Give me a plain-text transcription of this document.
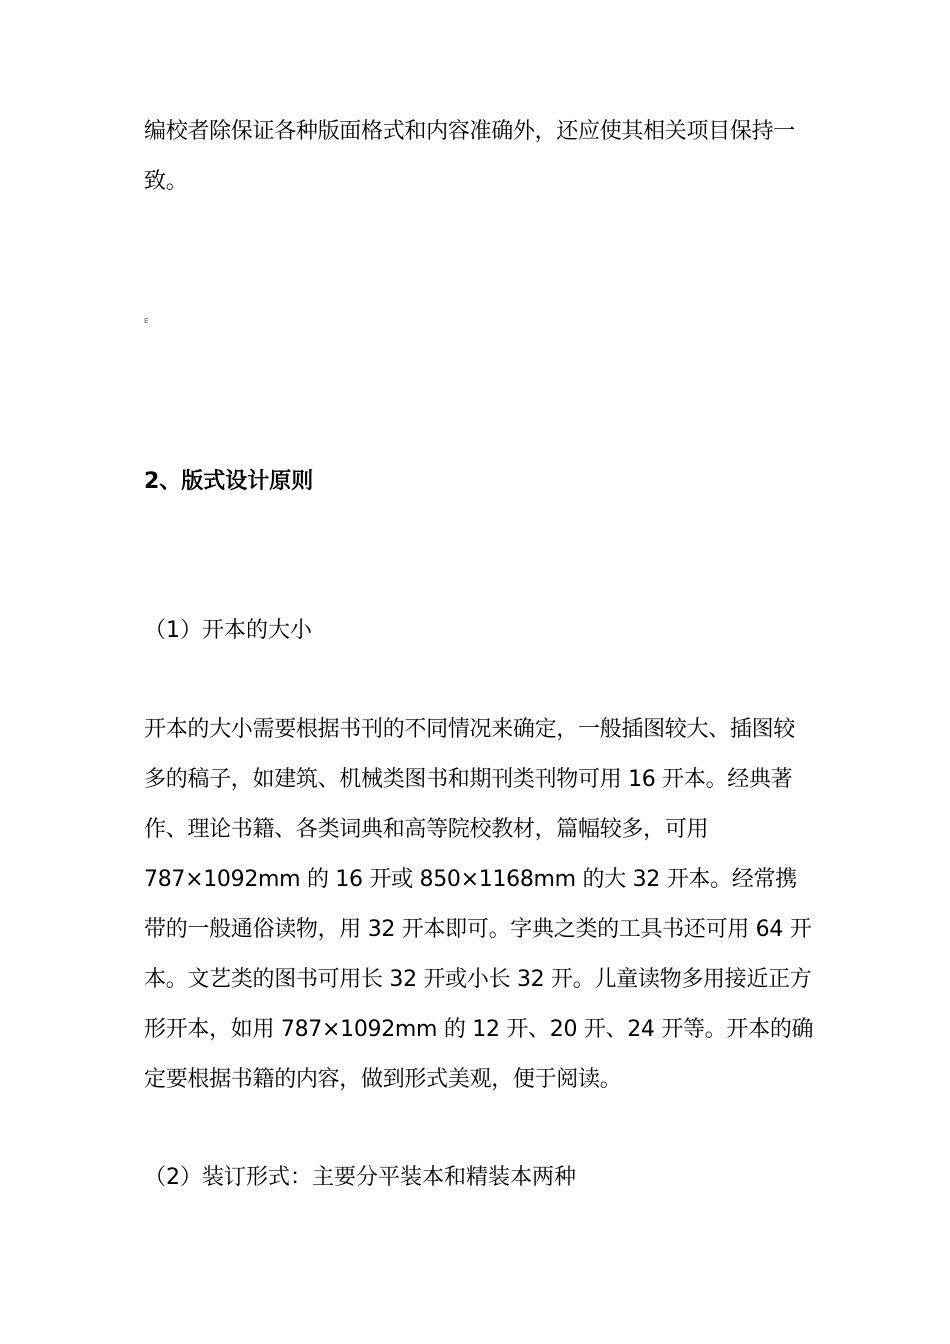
编校者除保证各种版面格式和内容准确外，还应使其相关项目保持一致。

E
2、版式设计原则

（1）开本的大小

开本的大小需要根据书刊的不同情况来确定，一般插图较大、插图较多的稿子，如建筑、机械类图书和期刊类刊物可用 16 开本。经典著作、理论书籍、各类词典和高等院校教材，篇幅较多，可用 787×1092mm 的 16 开或 850×1168mm 的大 32 开本。经常携带的一般通俗读物，用 32 开本即可。字典之类的工具书还可用 64 开本。文艺类的图书可用长 32 开或小长 32 开。儿童读物多用接近正方形开本，如用 787×1092mm 的 12 开、20 开、24 开等。开本的确定要根据书籍的内容，做到形式美观，便于阅读。

（2）装订形式：主要分平装本和精装本两种
